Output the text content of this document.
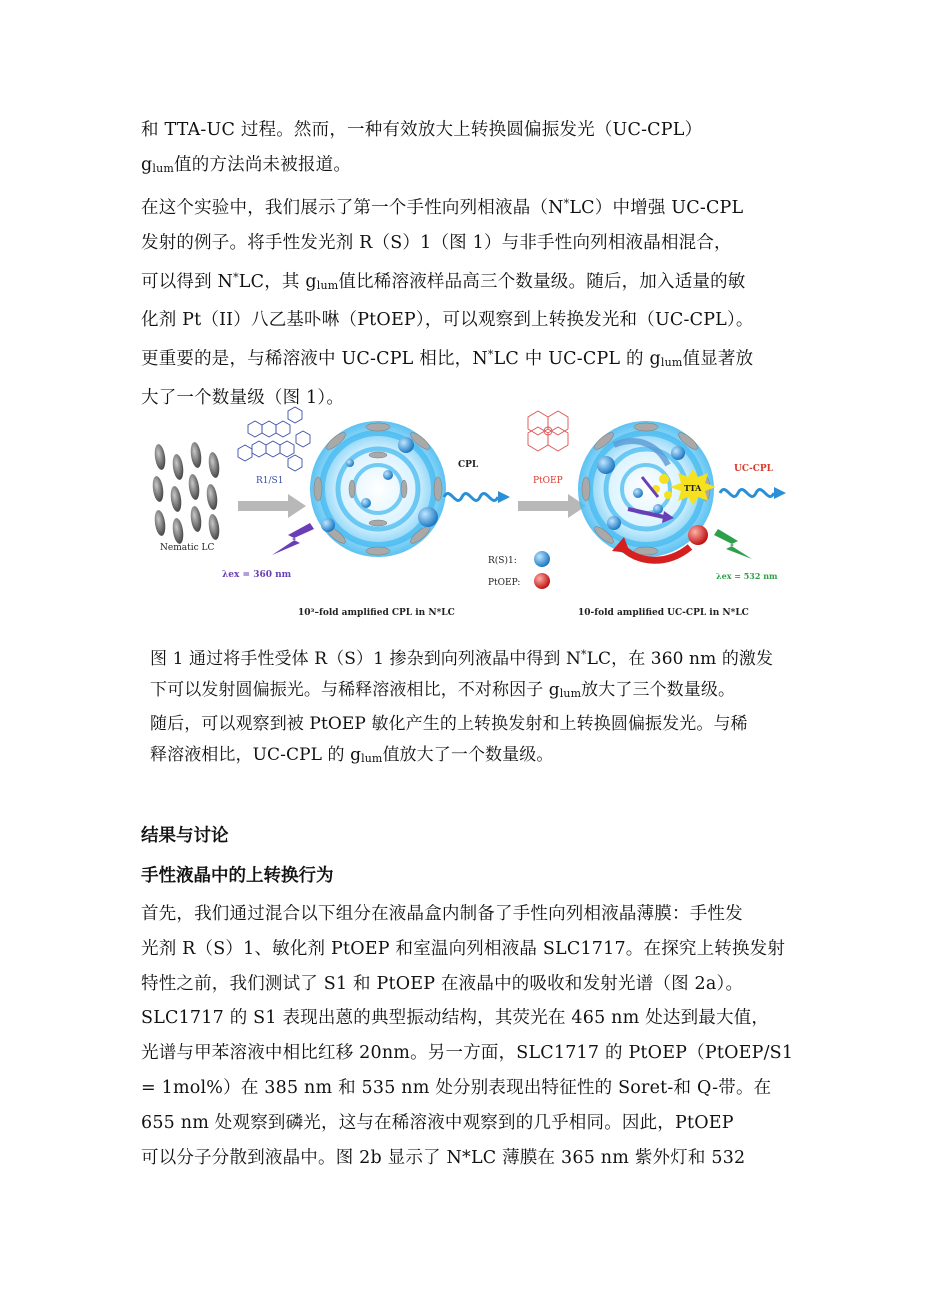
和 TTA-UC 过程。然而，一种有效放大上转换圆偏振发光（UC-CPL）
glum值的方法尚未被报道。
在这个实验中，我们展示了第一个手性向列相液晶（N*LC）中增强 UC-CPL
发射的例子。将手性发光剂 R（S）1（图 1）与非手性向列相液晶相混合，
可以得到 N*LC，其 glum值比稀溶液样品高三个数量级。随后，加入适量的敏
化剂 Pt（II）八乙基卟啉（PtOEP），可以观察到上转换发光和（UC-CPL）。
更重要的是，与稀溶液中 UC-CPL 相比，N*LC 中 UC-CPL 的 glum值显著放
大了一个数量级（图 1）。
Nematic LC
R1/S1
λex = 360 nm
CPL
PtOEP
R(S)1:
PtOEP:
TTA
UC-CPL
λex = 532 nm
10³–fold amplified CPL in N*LC	10-fold amplified UC-CPL in N*LC
图 1 通过将手性受体 R（S）1 掺杂到向列液晶中得到 N*LC，在 360 nm 的激发
下可以发射圆偏振光。与稀释溶液相比，不对称因子 glum放大了三个数量级。
随后，可以观察到被 PtOEP 敏化产生的上转换发射和上转换圆偏振发光。与稀
释溶液相比，UC-CPL 的 glum值放大了一个数量级。
结果与讨论
手性液晶中的上转换行为
首先，我们通过混合以下组分在液晶盒内制备了手性向列相液晶薄膜：手性发
光剂 R（S）1、敏化剂 PtOEP 和室温向列相液晶 SLC1717。在探究上转换发射
特性之前，我们测试了 S1 和 PtOEP 在液晶中的吸收和发射光谱（图 2a）。
SLC1717 的 S1 表现出蒽的典型振动结构，其荧光在 465 nm 处达到最大值，
光谱与甲苯溶液中相比红移 20nm。另一方面，SLC1717 的 PtOEP（PtOEP/S1
= 1mol%）在 385 nm 和 535 nm 处分别表现出特征性的 Soret-和 Q-带。在
655 nm 处观察到磷光，这与在稀溶液中观察到的几乎相同。因此，PtOEP
可以分子分散到液晶中。图 2b 显示了 N*LC 薄膜在 365 nm 紫外灯和 532
